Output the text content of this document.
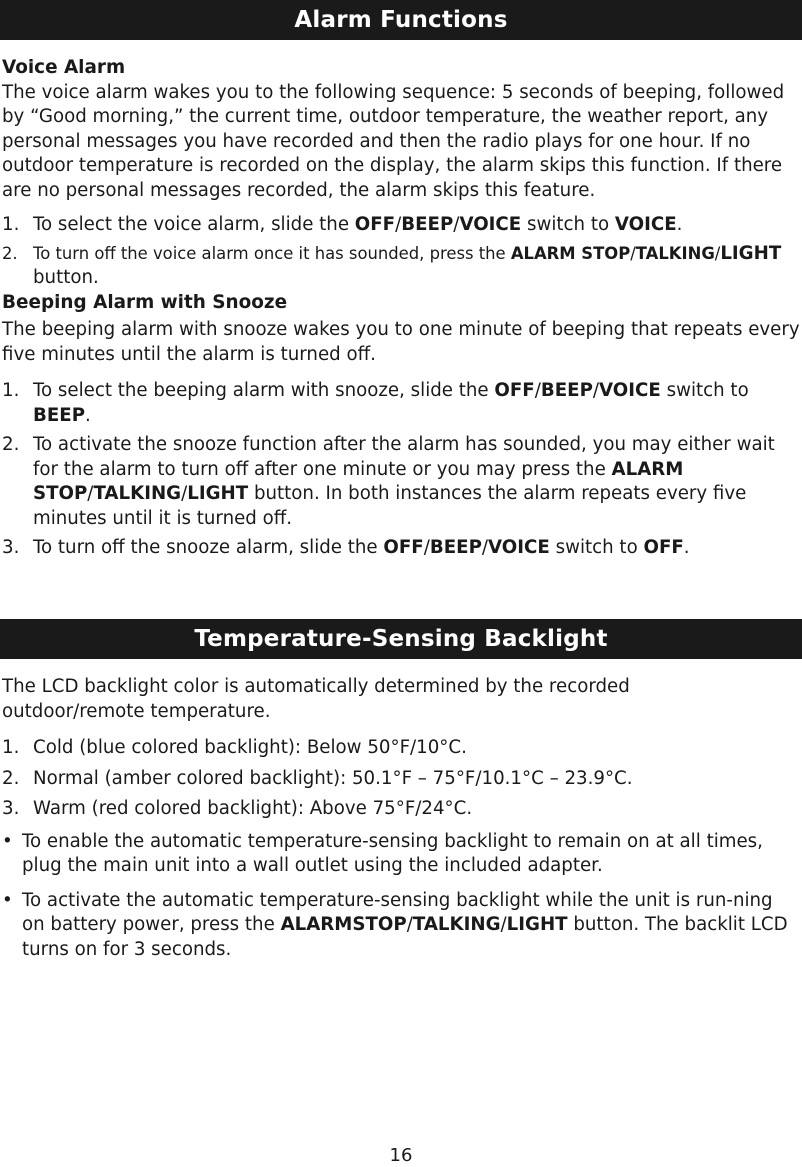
Alarm Functions

Voice Alarm

The voice alarm wakes you to the following sequence: 5 seconds of beeping, followed by “Good morning,” the current time, outdoor temperature, the weather report, any personal messages you have recorded and then the radio plays for one hour. If no outdoor temperature is recorded on the display, the alarm skips this function. If there are no personal messages recorded, the alarm skips this feature.

1. To select the voice alarm, slide the OFF/BEEP/VOICE switch to VOICE.
2. To turn off the voice alarm once it has sounded, press the ALARM STOP/TALKING/LIGHT button.

Beeping Alarm with Snooze

The beeping alarm with snooze wakes you to one minute of beeping that repeats every five minutes until the alarm is turned off.

1. To select the beeping alarm with snooze, slide the OFF/BEEP/VOICE switch to BEEP.
2. To activate the snooze function after the alarm has sounded, you may either wait for the alarm to turn off after one minute or you may press the ALARM STOP/TALKING/LIGHT button. In both instances the alarm repeats every five minutes until it is turned off.
3. To turn off the snooze alarm, slide the OFF/BEEP/VOICE switch to OFF.
Temperature-Sensing Backlight

The LCD backlight color is automatically determined by the recorded outdoor/remote temperature.

1. Cold (blue colored backlight): Below 50°F/10°C.
2. Normal (amber colored backlight): 50.1°F – 75°F/10.1°C – 23.9°C.
3. Warm (red colored backlight): Above 75°F/24°C.
• To enable the automatic temperature-sensing backlight to remain on at all times, plug the main unit into a wall outlet using the included adapter.
• To activate the automatic temperature-sensing backlight while the unit is run-ning on battery power, press the ALARMSTOP/TALKING/LIGHT button. The backlit LCD turns on for 3 seconds.
16
